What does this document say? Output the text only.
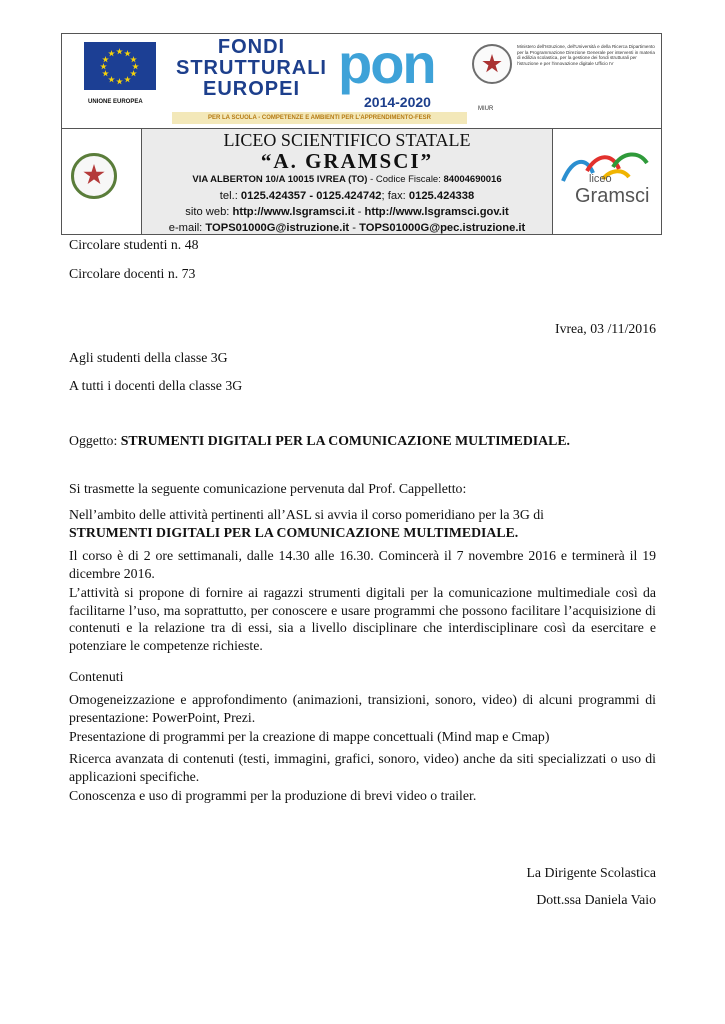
UNIONE EUROPEA
FONDI
STRUTTURALI
EUROPEI pon
2014-2020
PER LA SCUOLA - COMPETENZE E AMBIENTI PER L'APPRENDIMENTO-FESR
Ministero dell'Istruzione, dell'Università e della Ricerca Dipartimento per la Programmazione Direzione Generale per interventi in materia di edilizia scolastica, per la gestione dei fondi strutturali per l'istruzione e per l'innovazione digitale Ufficio IV
MIUR
LICEO SCIENTIFICO STATALE
“A. GRAMSCI”
VIA ALBERTON 10/A 10015 IVREA (TO) - Codice Fiscale: 84004690016
tel.: 0125.424357 - 0125.424742; fax: 0125.424338
sito web: http://www.lsgramsci.it - http://www.lsgramsci.gov.it
e-mail: TOPS01000G@istruzione.it - TOPS01000G@pec.istruzione.it
liceo
Gramsci
Circolare studenti n. 48
Circolare docenti n. 73
Ivrea, 03 /11/2016
Agli studenti della classe 3G
A tutti i docenti della classe 3G
Oggetto: STRUMENTI DIGITALI PER LA COMUNICAZIONE MULTIMEDIALE.
Si trasmette la seguente comunicazione pervenuta dal Prof. Cappelletto:
Nell’ambito delle attività pertinenti all’ASL si avvia il corso pomeridiano per la 3G di
STRUMENTI DIGITALI PER LA COMUNICAZIONE MULTIMEDIALE.
Il corso è di 2 ore settimanali, dalle 14.30 alle 16.30. Comincerà il 7 novembre 2016 e terminerà il 19 dicembre 2016.
L’attività si propone di fornire ai ragazzi strumenti digitali per la comunicazione multimediale così da facilitarne l’uso, ma soprattutto, per conoscere e usare programmi che possono facilitare l’acquisizione di contenuti e la relazione tra di essi, sia a livello disciplinare che interdisciplinare così da esercitare e potenziare le competenze richieste.
Contenuti
Omogeneizzazione e approfondimento (animazioni, transizioni, sonoro, video) di alcuni programmi di presentazione: PowerPoint, Prezi.
Presentazione di programmi per la creazione di mappe concettuali (Mind map e Cmap)
Ricerca avanzata di contenuti (testi, immagini, grafici, sonoro, video) anche da siti specializzati o uso di applicazioni specifiche.
Conoscenza e uso di programmi per la produzione di brevi video o trailer.
La Dirigente Scolastica
Dott.ssa Daniela Vaio
